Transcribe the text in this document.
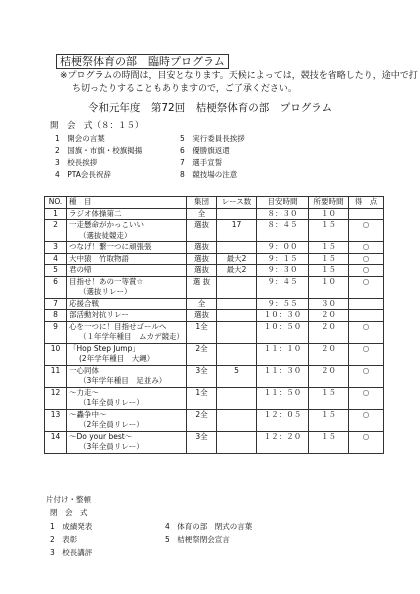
桔梗祭体育の部　臨時プログラム
※プログラムの時間は，目安となります。天候によっては，競技を省略したり，途中で打
ち切ったりすることもありますので，ご了承ください。
令和元年度　第72回　桔梗祭体育の部　プログラム
開　会　式（８：１５）
1　 開会の言葉
2　 国旗・市旗・校旗掲揚
3　 校長挨拶
4　 PTA会長祝辞
5　 実行委員長挨拶
6　 優勝旗返還
7　 選手宣誓
8　 競技場の注意
NO.	種　目	集団	レース数	目安時間	所要時間	得　点
1	ラジオ体操第二	全		８：３０	１０	
2	一走懸命がかっこいい
（選抜徒競走）	選抜	17	８：４５	１５	○
3	つなげ！繋一つに頑張張	選抜		９：００	１５	○
4	大中猿　竹取物語	選抜	最大2	９：１５	１５	○
5	君の帰	選抜	最大2	９：３０	１５	○
6	目指せ！あの一等賞☆
（選抜リレー）	選 抜		９：４５	１０	○
7	応援合戦	全		９：５５	３０	
8	部活動対抗リレー	選抜		１０：３０	２０	
9	心を一つに！目指せゴールへ
（１年学年種目　ムカデ競走）	1全		１０：５０	２０	○
10	「Hop Step Jump」
(2年学年種目　大縄）	2全		１１：１０	２０	○
11	一心同体
（3年学年種目　足並み）	3全	5	１１：３０	２０	○
12	～力走～
（1年全員リレー）	1全		１１：５０	１５	○
13	～轟争中～
（2年全員リレー）	2全		１２：０５	１５	○
14	～Do your best～
（3年全員リレー）	3全		１２：２０	１５	○
片付け・整頓
閉　会　式
1　 成績発表
2　 表彰
3　 校長講評
4　 体育の部　閉式の言葉
5　 桔梗祭閉会宣言
